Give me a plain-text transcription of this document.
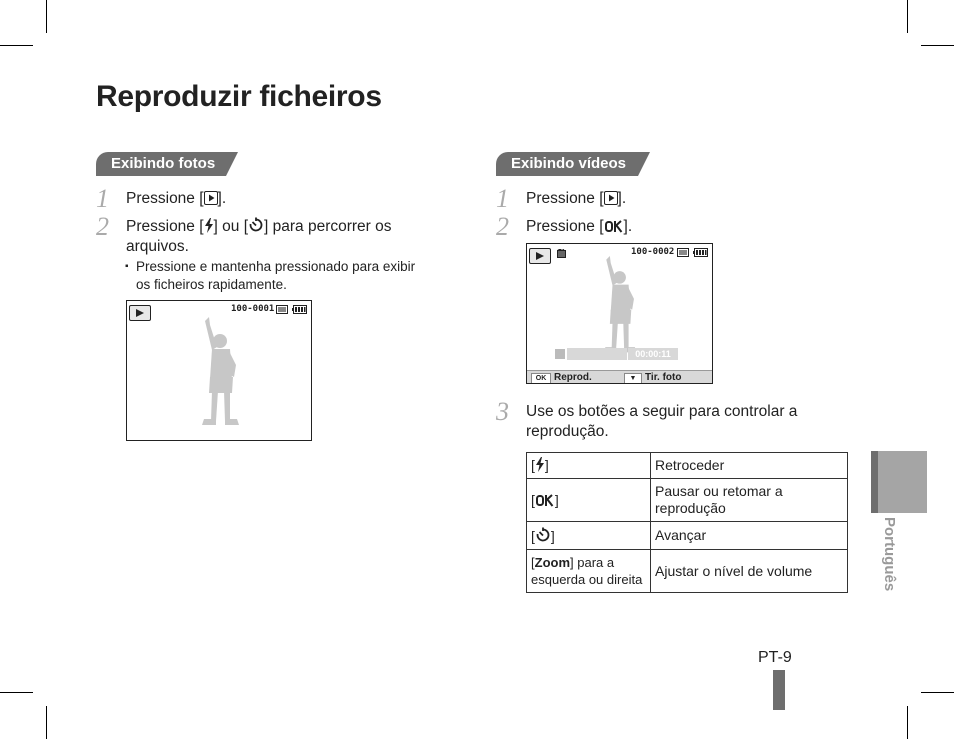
Reproduzir ficheiros
Exibindo fotos
1 Pressione [ ].
2 Pressione [ ] ou [ ] para percorrer os
arquivos.
▪ Pressione e mantenha pressionado para exibir
os ficheiros rapidamente.
100-0001
Exibindo vídeos
1 Pressione [ ].
2 Pressione [ ].
100-0002
00:00:11
OK Reprod.	▼ Tir. foto
3 Use os botões a seguir para controlar a
reprodução.
[ ]	Retroceder
[ ]	Pausar ou retomar a reprodução
[ ]	Avançar
[Zoom] para a esquerda ou direita	Ajustar o nível de volume	Português
PT-9
